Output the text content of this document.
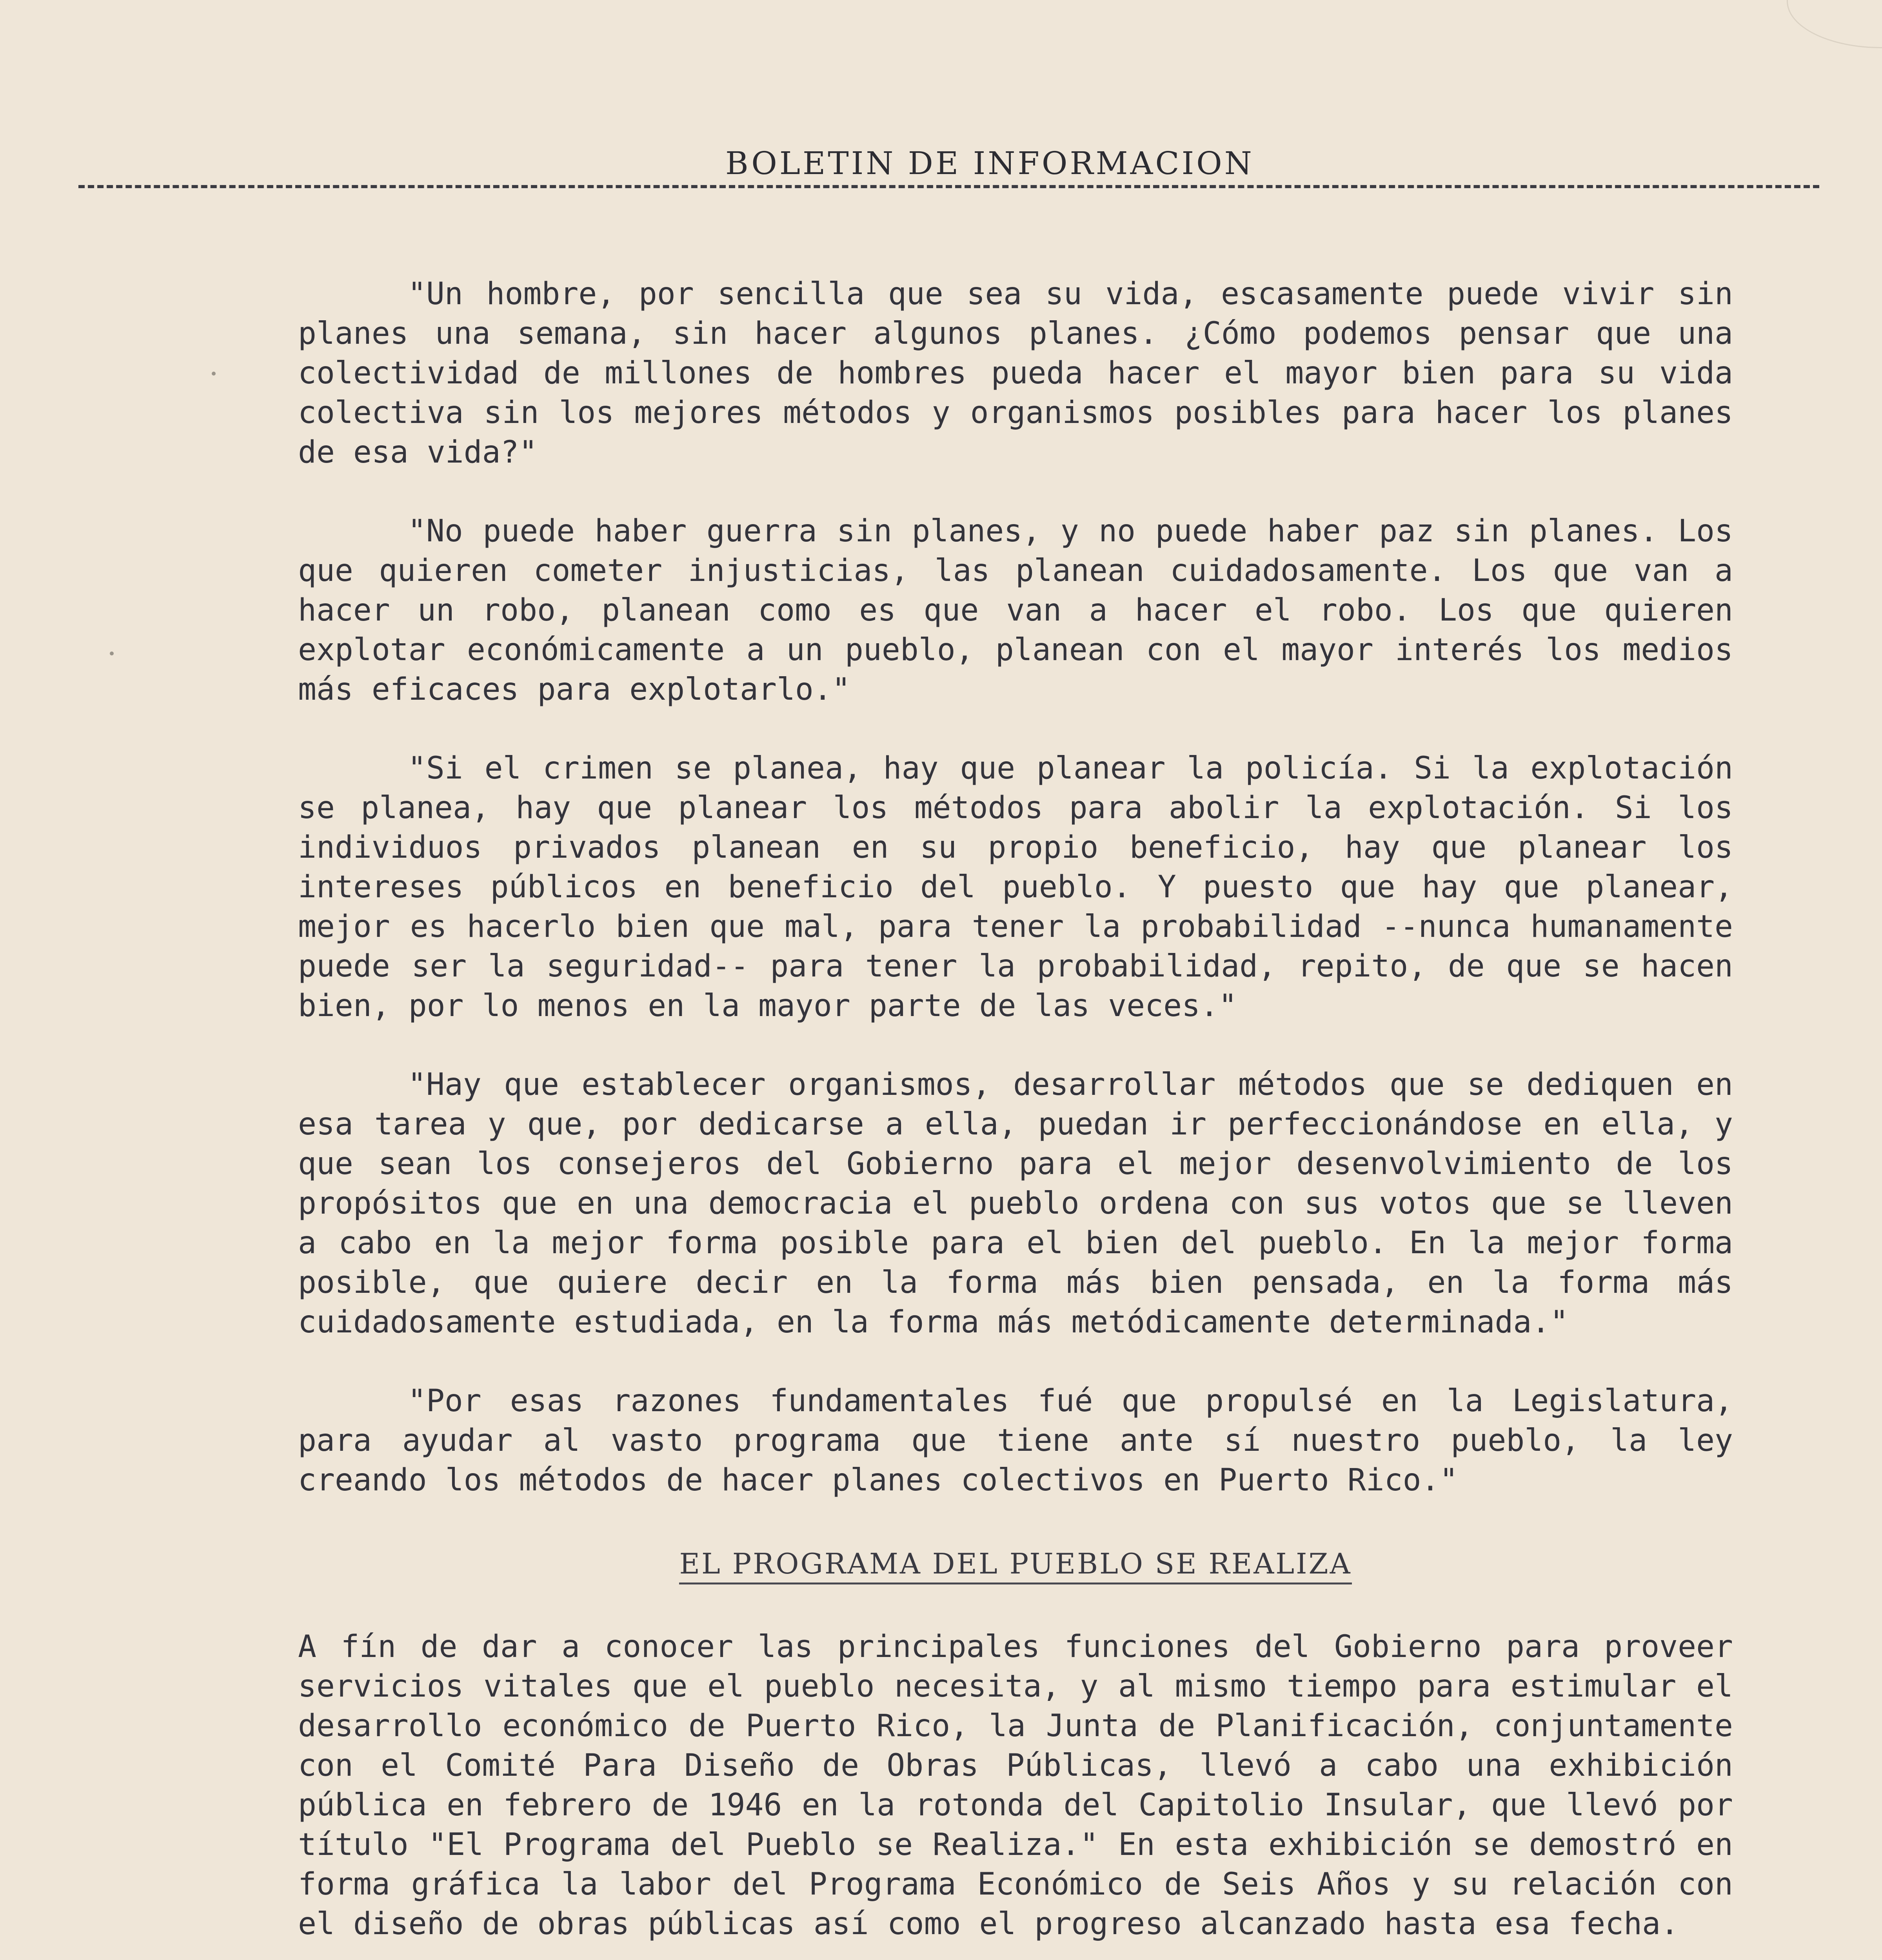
BOLETIN DE INFORMACION

"Un hombre, por sencilla que sea su vida, escasamente puede vivir sin planes una semana, sin hacer algunos planes. ¿Cómo podemos pensar que una colectividad de millones de hombres pueda hacer el mayor bien para su vida colectiva sin los mejores métodos y organismos posibles para hacer los planes de esa vida?"

"No puede haber guerra sin planes, y no puede haber paz sin planes. Los que quieren cometer injusticias, las planean cuidadosamente. Los que van a hacer un robo, planean como es que van a hacer el robo. Los que quieren explotar económicamente a un pueblo, planean con el mayor interés los medios más eficaces para explotarlo."

"Si el crimen se planea, hay que planear la policía. Si la explotación se planea, hay que planear los métodos para abolir la explotación. Si los individuos privados planean en su propio beneficio, hay que planear los intereses públicos en beneficio del pueblo. Y puesto que hay que planear, mejor es hacerlo bien que mal, para tener la probabilidad --nunca humanamente puede ser la seguridad-- para tener la probabilidad, repito, de que se hacen bien, por lo menos en la mayor parte de las veces."

"Hay que establecer organismos, desarrollar métodos que se dediquen en esa tarea y que, por dedicarse a ella, puedan ir perfeccionándose en ella, y que sean los consejeros del Gobierno para el mejor desenvolvimiento de los propósitos que en una democracia el pueblo ordena con sus votos que se lleven a cabo en la mejor forma posible para el bien del pueblo. En la mejor forma posible, que quiere decir en la forma más bien pensada, en la forma más cuidadosamente estudiada, en la forma más metódicamente determinada."

"Por esas razones fundamentales fué que propulsé en la Legislatura, para ayudar al vasto programa que tiene ante sí nuestro pueblo, la ley creando los métodos de hacer planes colectivos en Puerto Rico."

EL PROGRAMA DEL PUEBLO SE REALIZA

A fín de dar a conocer las principales funciones del Gobierno para proveer servicios vitales que el pueblo necesita, y al mismo tiempo para estimular el desarrollo económico de Puerto Rico, la Junta de Planificación, conjuntamente con el Comité Para Diseño de Obras Públicas, llevó a cabo una exhibición pública en febrero de 1946 en la rotonda del Capitolio Insular, que llevó por título "El Programa del Pueblo se Realiza." En esta exhibición se demostró en forma gráfica la labor del Programa Económico de Seis Años y su relación con el diseño de obras públicas así como el progreso alcanzado hasta esa fecha.
